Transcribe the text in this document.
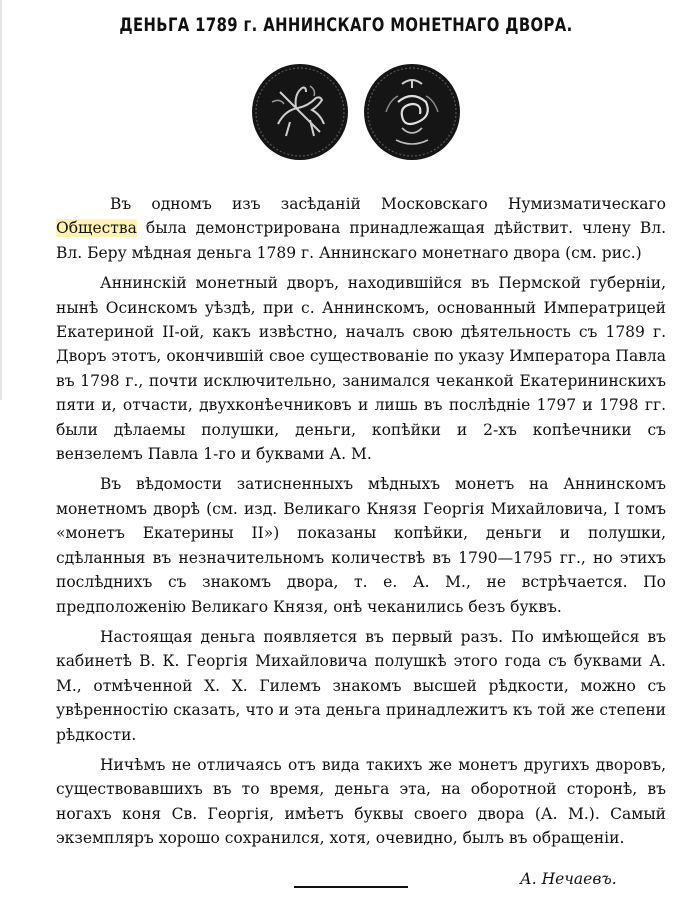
ДЕНЬГА 1789 г. АННИНСКАГО МОНЕТНАГО ДВОРА.

Въ одномъ изъ засѣданій Московскаго Нумизматическаго Общества была демонстрирована принадлежащая дѣйствит. члену Вл. Вл. Беру мѣдная деньга 1789 г. Аннинскаго монетнаго двора (см. рис.)

Аннинскій монетный дворъ, находившійся въ Пермской губерніи, нынѣ Осинскомъ уѣздѣ, при с. Аннинскомъ, основанный Императрицей Екатериной II-ой, какъ извѣстно, началъ свою дѣятельность съ 1789 г. Дворъ этотъ, окончившій свое существованіе по указу Императора Павла въ 1798 г., почти исключительно, занимался чеканкой Екатерининскихъ пяти и, отчасти, двухконѣечниковъ и лишь въ послѣдніе 1797 и 1798 гг. были дѣлаемы полушки, деньги, копѣйки и 2-хъ копѣечники съ вензелемъ Павла 1-го и буквами А. М.

Въ вѣдомости затисненныхъ мѣдныхъ монетъ на Аннинскомъ монетномъ дворѣ (см. изд. Великаго Князя Георгія Михайловича, I томъ «монетъ Екатерины II») показаны копѣйки, деньги и полушки, сдѣланныя въ незначительномъ количествѣ въ 1790—1795 гг., но этихъ послѣднихъ съ знакомъ двора, т. е. А. М., не встрѣчается. По предположенію Великаго Князя, онѣ чеканились безъ буквъ.

Настоящая деньга появляется въ первый разъ. По имѣющейся въ кабинетѣ В. К. Георгія Михайловича полушкѣ этого года съ буквами А. М., отмѣченной Х. Х. Гилемъ знакомъ высшей рѣдкости, можно съ увѣренностію сказать, что и эта деньга принадлежитъ къ той же степени рѣдкости.

Ничѣмъ не отличаясь отъ вида такихъ же монетъ другихъ дворовъ, существовавшихъ въ то время, деньга эта, на оборотной сторонѣ, въ ногахъ коня Св. Георгія, имѣетъ буквы своего двора (А. М.). Самый экземпляръ хорошо сохранился, хотя, очевидно, былъ въ обращеніи.

А. Нечаевъ.
